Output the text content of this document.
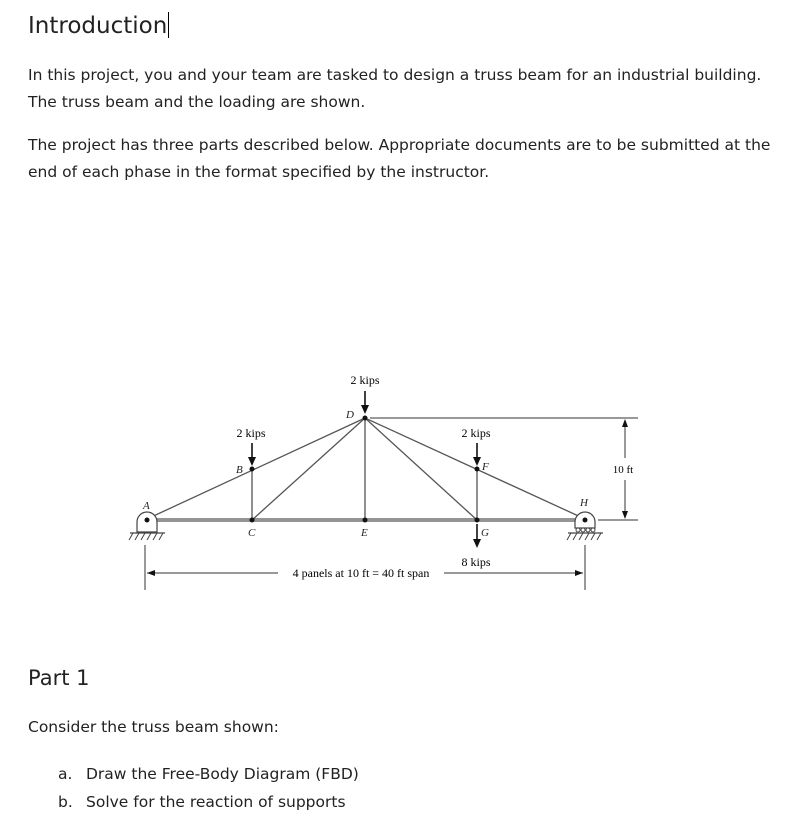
Introduction
In this project, you and your team are tasked to design a truss beam for an industrial building. The truss beam and the loading are shown.
The project has three parts described below. Appropriate documents are to be submitted at the end of each phase in the format specified by the instructor.
2 kips
2 kips	2 kips
8 kips
A
B
C
D
E
F
G
H
10 ft
4 panels at 10 ft = 40 ft span
Part 1
Consider the truss beam shown:
a. Draw the Free-Body Diagram (FBD)
b. Solve for the reaction of supports
